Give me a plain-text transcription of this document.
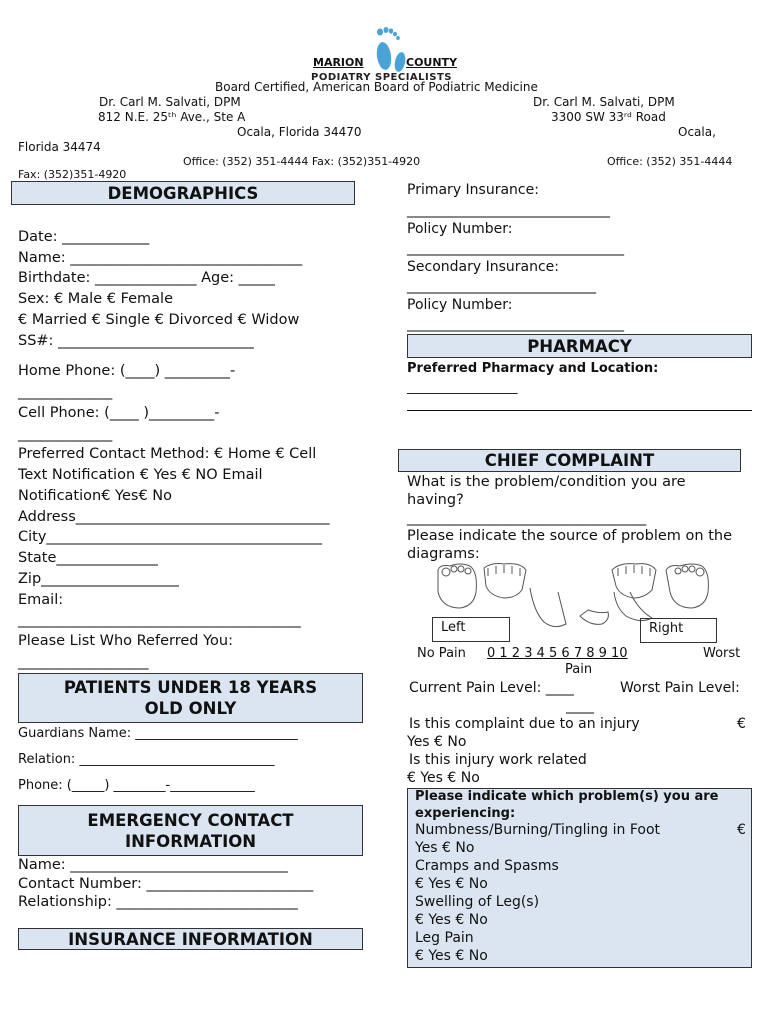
MARION	COUNTY
PODIATRY SPECIALISTS
Board Certified, American Board of Podiatric Medicine
Dr. Carl M. Salvati, DPM	Dr. Carl M. Salvati, DPM
812 N.E. 25ᵗʰ Ave., Ste A	3300 SW 33ʳᵈ Road
Ocala, Florida 34470	Ocala,
Florida 34474
Office: (352) 351-4444 Fax: (352)351-4920	Office: (352) 351-4444
Fax: (352)351-4920
DEMOGRAPHICS
Date: ____________
Name: ________________________________
Birthdate: ______________ Age: _____
Sex: € Male € Female
€ Married € Single € Divorced € Widow
SS#: ___________________________
Home Phone: (____) _________-
_____________
Cell Phone: (____ )_________-
_____________
Preferred Contact Method: € Home € Cell
Text Notification € Yes € NO Email
Notification€ Yes€ No
Address___________________________________
City______________________________________
State______________
Zip___________________
Email:
_______________________________________
Please List Who Referred You:
__________________
PATIENTS UNDER 18 YEARS OLD ONLY
Guardians Name: _________________________
Relation: ______________________________
Phone: (_____) ________-_____________
EMERGENCY CONTACT INFORMATION
Name: ______________________________
Contact Number: _______________________
Relationship: _________________________
INSURANCE INFORMATION
Primary Insurance:
_____________________________
Policy Number:
_______________________________
Secondary Insurance:
___________________________
Policy Number:
_______________________________
PHARMACY
Preferred Pharmacy and Location:
_________________
CHIEF COMPLAINT
What is the problem/condition you are
having?
_________________________________
Please indicate the source of problem on the
diagrams:
Left	Right
No Pain 0 1 2 3 4 5 6 7 8 9 10	Worst
Pain
Current Pain Level: ____	Worst Pain Level:
____
Is this complaint due to an injury	€
Yes € No
Is this injury work related
€ Yes € No
Please indicate which problem(s) you are
experiencing:
Numbness/Burning/Tingling in Foot	€
Yes € No
Cramps and Spasms
€ Yes € No
Swelling of Leg(s)
€ Yes € No
Leg Pain
€ Yes € No
